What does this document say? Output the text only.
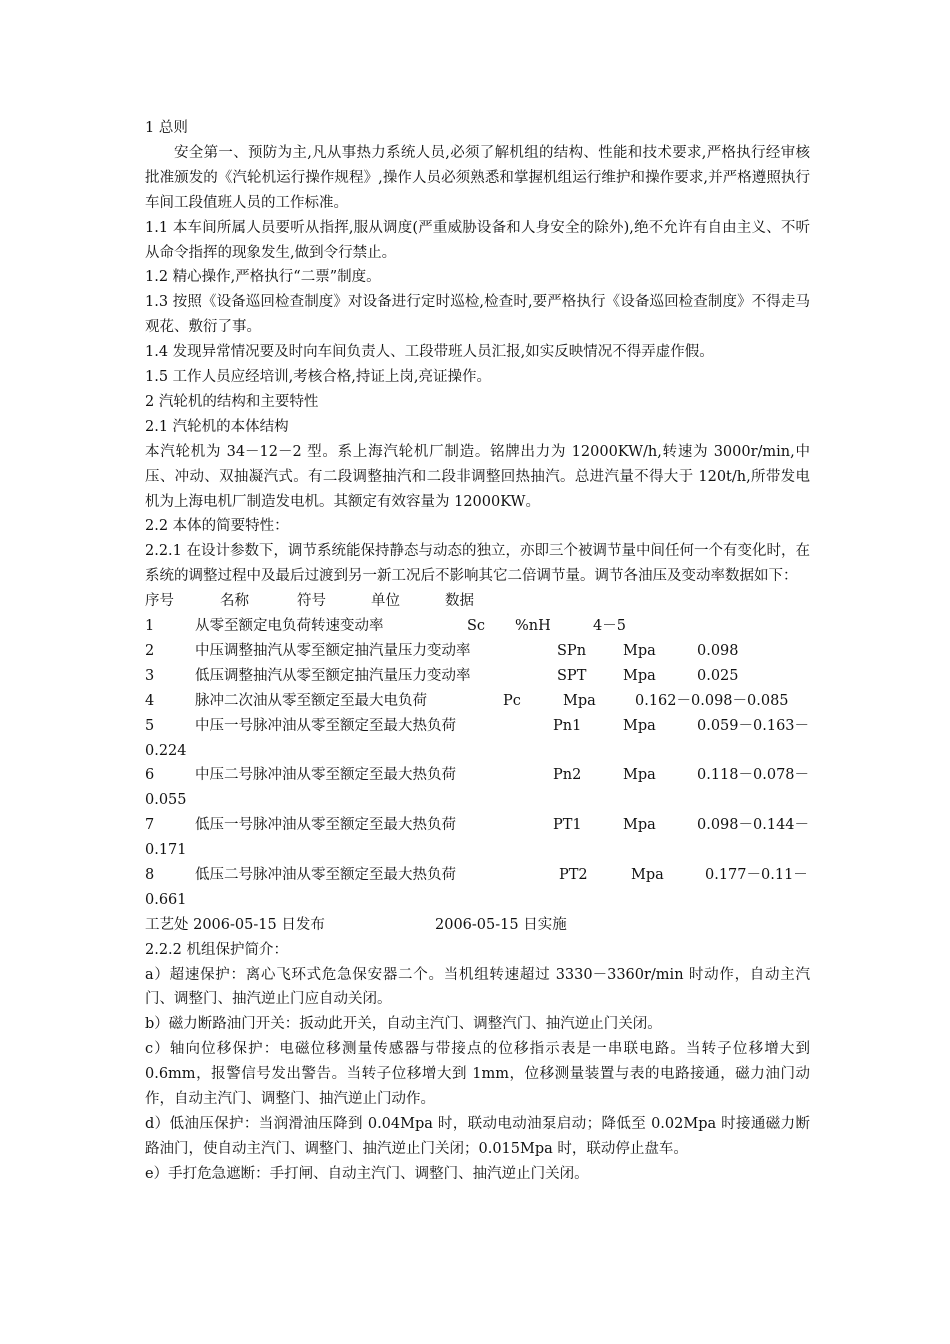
1 总则
安全第一、预防为主,凡从事热力系统人员,必须了解机组的结构、性能和技术要求,严格执行经审核批准颁发的《汽轮机运行操作规程》,操作人员必须熟悉和掌握机组运行维护和操作要求,并严格遵照执行车间工段值班人员的工作标准。
1.1 本车间所属人员要听从指挥,服从调度(严重威胁设备和人身安全的除外),绝不允许有自由主义、不听从命令指挥的现象发生,做到令行禁止。
1.2 精心操作,严格执行“二票”制度。
1.3 按照《设备巡回检查制度》对设备进行定时巡检,检查时,要严格执行《设备巡回检查制度》不得走马观花、敷衍了事。
1.4 发现异常情况要及时向车间负责人、工段带班人员汇报,如实反映情况不得弄虚作假。
1.5 工作人员应经培训,考核合格,持证上岗,亮证操作。
2 汽轮机的结构和主要特性
2.1 汽轮机的本体结构
本汽轮机为 34－12－2 型。系上海汽轮机厂制造。铭牌出力为 12000KW/h,转速为 3000r/min,中压、冲动、双抽凝汽式。有二段调整抽汽和二段非调整回热抽汽。总进汽量不得大于 120t/h,所带发电机为上海电机厂制造发电机。其额定有效容量为 12000KW。
2.2 本体的简要特性：
2.2.1 在设计参数下，调节系统能保持静态与动态的独立，亦即三个被调节量中间任何一个有变化时，在系统的调整过程中及最后过渡到另一新工况后不影响其它二倍调节量。调节各油压及变动率数据如下：
序号	名称	符号	单位	数据
1	从零至额定电负荷转速变动率	Sc %nH	4－5
2	中压调整抽汽从零至额定抽汽量压力变动率	SPn	Mpa	0.098
3	低压调整抽汽从零至额定抽汽量压力变动率	SPT	Mpa	0.025
4	脉冲二次油从零至额定至最大电负荷	Pc	Mpa	0.162－0.098－0.085
5	中压一号脉冲油从零至额定至最大热负荷	Pn1	Mpa	0.059－0.163－
0.224
6	中压二号脉冲油从零至额定至最大热负荷	Pn2	Mpa	0.118－0.078－
0.055
7	低压一号脉冲油从零至额定至最大热负荷	PT1	Mpa	0.098－0.144－
0.171
8	低压二号脉冲油从零至额定至最大热负荷	PT2	Mpa	0.177－0.11－
0.661
工艺处 2006-05-15 日发布	2006-05-15 日实施
2.2.2 机组保护简介：
a）超速保护：离心飞环式危急保安器二个。当机组转速超过 3330－3360r/min 时动作，自动主汽门、调整门、抽汽逆止门应自动关闭。
b）磁力断路油门开关：扳动此开关，自动主汽门、调整汽门、抽汽逆止门关闭。
c）轴向位移保护：电磁位移测量传感器与带接点的位移指示表是一串联电路。当转子位移增大到 0.6mm，报警信号发出警告。当转子位移增大到 1mm，位移测量装置与表的电路接通，磁力油门动作，自动主汽门、调整门、抽汽逆止门动作。
d）低油压保护：当润滑油压降到 0.04Mpa 时，联动电动油泵启动；降低至 0.02Mpa 时接通磁力断路油门，使自动主汽门、调整门、抽汽逆止门关闭；0.015Mpa 时，联动停止盘车。
e）手打危急遮断：手打闸、自动主汽门、调整门、抽汽逆止门关闭。
